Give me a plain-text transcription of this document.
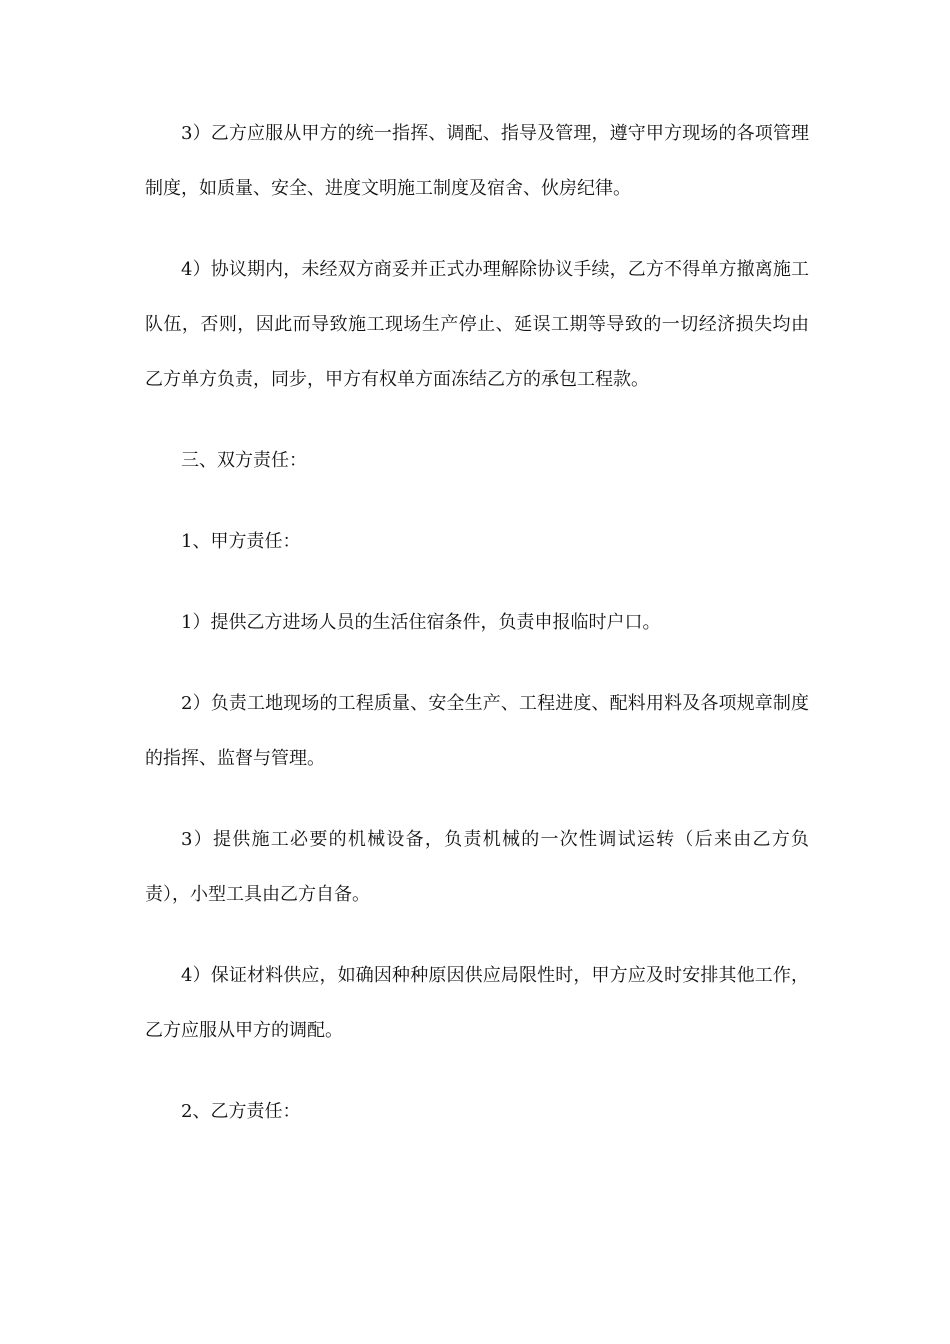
3）乙方应服从甲方的统一指挥、调配、指导及管理，遵守甲方现场的各项管理制度，如质量、安全、进度文明施工制度及宿舍、伙房纪律。

4）协议期内，未经双方商妥并正式办理解除协议手续，乙方不得单方撤离施工队伍，否则，因此而导致施工现场生产停止、延误工期等导致的一切经济损失均由乙方单方负责，同步，甲方有权单方面冻结乙方的承包工程款。

三、双方责任：

1、甲方责任：

1）提供乙方进场人员的生活住宿条件，负责申报临时户口。

2）负责工地现场的工程质量、安全生产、工程进度、配料用料及各项规章制度的指挥、监督与管理。

3）提供施工必要的机械设备，负责机械的一次性调试运转（后来由乙方负责），小型工具由乙方自备。

4）保证材料供应，如确因种种原因供应局限性时，甲方应及时安排其他工作，乙方应服从甲方的调配。

2、乙方责任：
